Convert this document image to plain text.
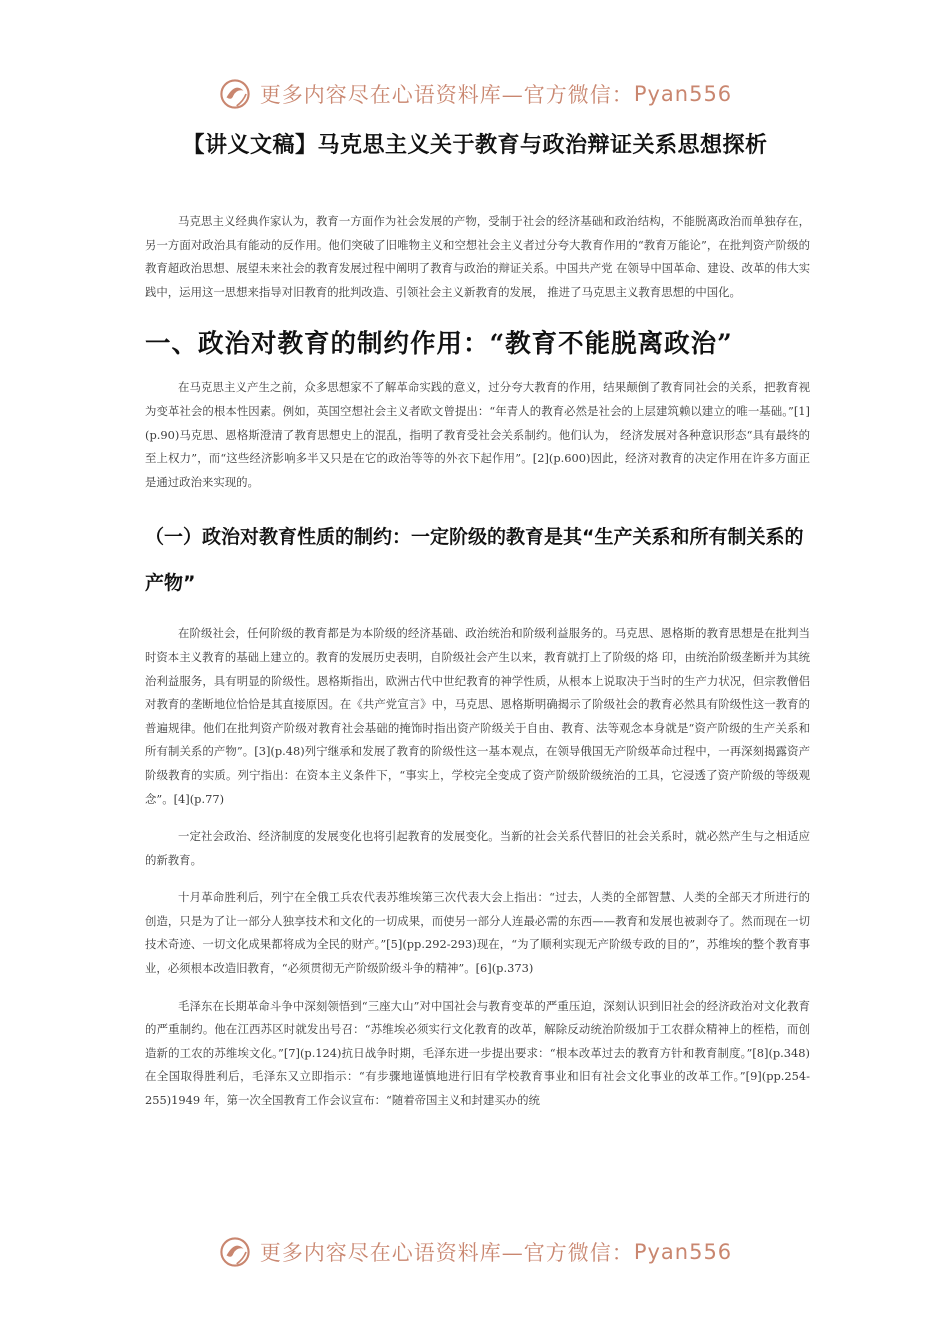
更多内容尽在心语资料库—官方微信： Pyan556
【讲义文稿】马克思主义关于教育与政治辩证关系思想探析

马克思主义经典作家认为，教育一方面作为社会发展的产物，受制于社会的经济基础和政治结构，不能脱离政治而单独存在，另一方面对政治具有能动的反作用。他们突破了旧唯物主义和空想社会主义者过分夸大教育作用的“教育万能论”，在批判资产阶级的教育超政治思想、展望未来社会的教育发展过程中阐明了教育与政治的辩证关系。中国共产党 在领导中国革命、建设、改革的伟大实践中，运用这一思想来指导对旧教育的批判改造、引领社会主义新教育的发展， 推进了马克思主义教育思想的中国化。

一、政治对教育的制约作用：“教育不能脱离政治”

在马克思主义产生之前，众多思想家不了解革命实践的意义，过分夸大教育的作用，结果颠倒了教育同社会的关系，把教育视为变革社会的根本性因素。例如，英国空想社会主义者欧文曾提出：“年青人的教育必然是社会的上层建筑赖以建立的唯一基础。”[1](p.90)马克思、恩格斯澄清了教育思想史上的混乱，指明了教育受社会关系制约。他们认为， 经济发展对各种意识形态“具有最终的至上权力”，而“这些经济影响多半又只是在它的政治等等的外衣下起作用”。[2](p.600)因此，经济对教育的决定作用在许多方面正是通过政治来实现的。

（一）政治对教育性质的制约：一定阶级的教育是其“生产关系和所有制关系的产物”

在阶级社会，任何阶级的教育都是为本阶级的经济基础、政治统治和阶级利益服务的。马克思、恩格斯的教育思想是在批判当时资本主义教育的基础上建立的。教育的发展历史表明，自阶级社会产生以来，教育就打上了阶级的烙 印，由统治阶级垄断并为其统治利益服务，具有明显的阶级性。恩格斯指出，欧洲古代中世纪教育的神学性质，从根本上说取决于当时的生产力状况，但宗教僧侣对教育的垄断地位恰恰是其直接原因。在《共产党宣言》中，马克思、恩格斯明确揭示了阶级社会的教育必然具有阶级性这一教育的普遍规律。他们在批判资产阶级对教育社会基础的掩饰时指出资产阶级关于自由、教育、法等观念本身就是“资产阶级的生产关系和所有制关系的产物”。[3](p.48)列宁继承和发展了教育的阶级性这一基本观点，在领导俄国无产阶级革命过程中，一再深刻揭露资产阶级教育的实质。列宁指出：在资本主义条件下，“事实上，学校完全变成了资产阶级阶级统治的工具，它浸透了资产阶级的等级观念”。[4](p.77)

一定社会政治、经济制度的发展变化也将引起教育的发展变化。当新的社会关系代替旧的社会关系时，就必然产生与之相适应的新教育。

十月革命胜利后，列宁在全俄工兵农代表苏维埃第三次代表大会上指出：“过去，人类的全部智慧、人类的全部天才所进行的创造，只是为了让一部分人独享技术和文化的一切成果，而使另一部分人连最必需的东西——教育和发展也被剥夺了。然而现在一切技术奇迹、一切文化成果都将成为全民的财产。”[5](pp.292-293)现在，“为了顺利实现无产阶级专政的目的”，苏维埃的整个教育事业，必须根本改造旧教育，“必须贯彻无产阶级阶级斗争的精神”。[6](p.373)

毛泽东在长期革命斗争中深刻领悟到“三座大山”对中国社会与教育变革的严重压迫，深刻认识到旧社会的经济政治对文化教育的严重制约。他在江西苏区时就发出号召：“苏维埃必须实行文化教育的改革，解除反动统治阶级加于工农群众精神上的桎梏，而创造新的工农的苏维埃文化。”[7](p.124)抗日战争时期，毛泽东进一步提出要求：“根本改革过去的教育方针和教育制度。”[8](p.348)在全国取得胜利后，毛泽东又立即指示：“有步骤地谨慎地进行旧有学校教育事业和旧有社会文化事业的改革工作。”[9](pp.254-255)1949 年，第一次全国教育工作会议宣布：“随着帝国主义和封建买办的统

更多内容尽在心语资料库—官方微信： Pyan556
